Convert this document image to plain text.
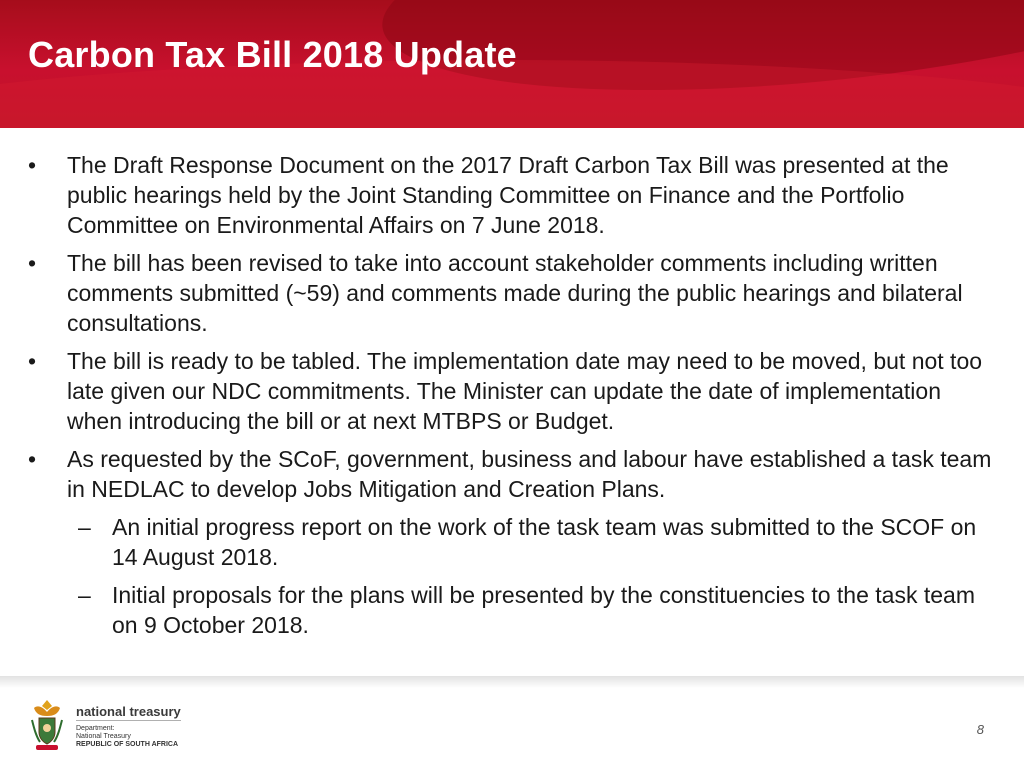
Carbon Tax Bill 2018 Update
•	The Draft Response Document on the 2017 Draft Carbon Tax Bill was presented at the public hearings held by the Joint Standing Committee on Finance and the Portfolio Committee on Environmental Affairs on 7 June 2018.
•	The bill has been revised to take into account stakeholder comments including written comments submitted (~59) and comments made during the public hearings and bilateral consultations.
•	The bill is ready to be tabled. The implementation date may need to be moved, but not too late given our NDC commitments. The Minister can update the date of implementation when introducing the bill or at next MTBPS or Budget.
•	As requested by the SCoF, government, business and labour have established a task team in NEDLAC to develop Jobs Mitigation and Creation Plans.
– An initial progress report on the work of the task team was submitted to the SCOF on 14 August 2018.
– Initial proposals for the plans will be presented by the constituencies to the task team on 9 October 2018.
national treasury
Department:
National Treasury
REPUBLIC OF SOUTH AFRICA
8
